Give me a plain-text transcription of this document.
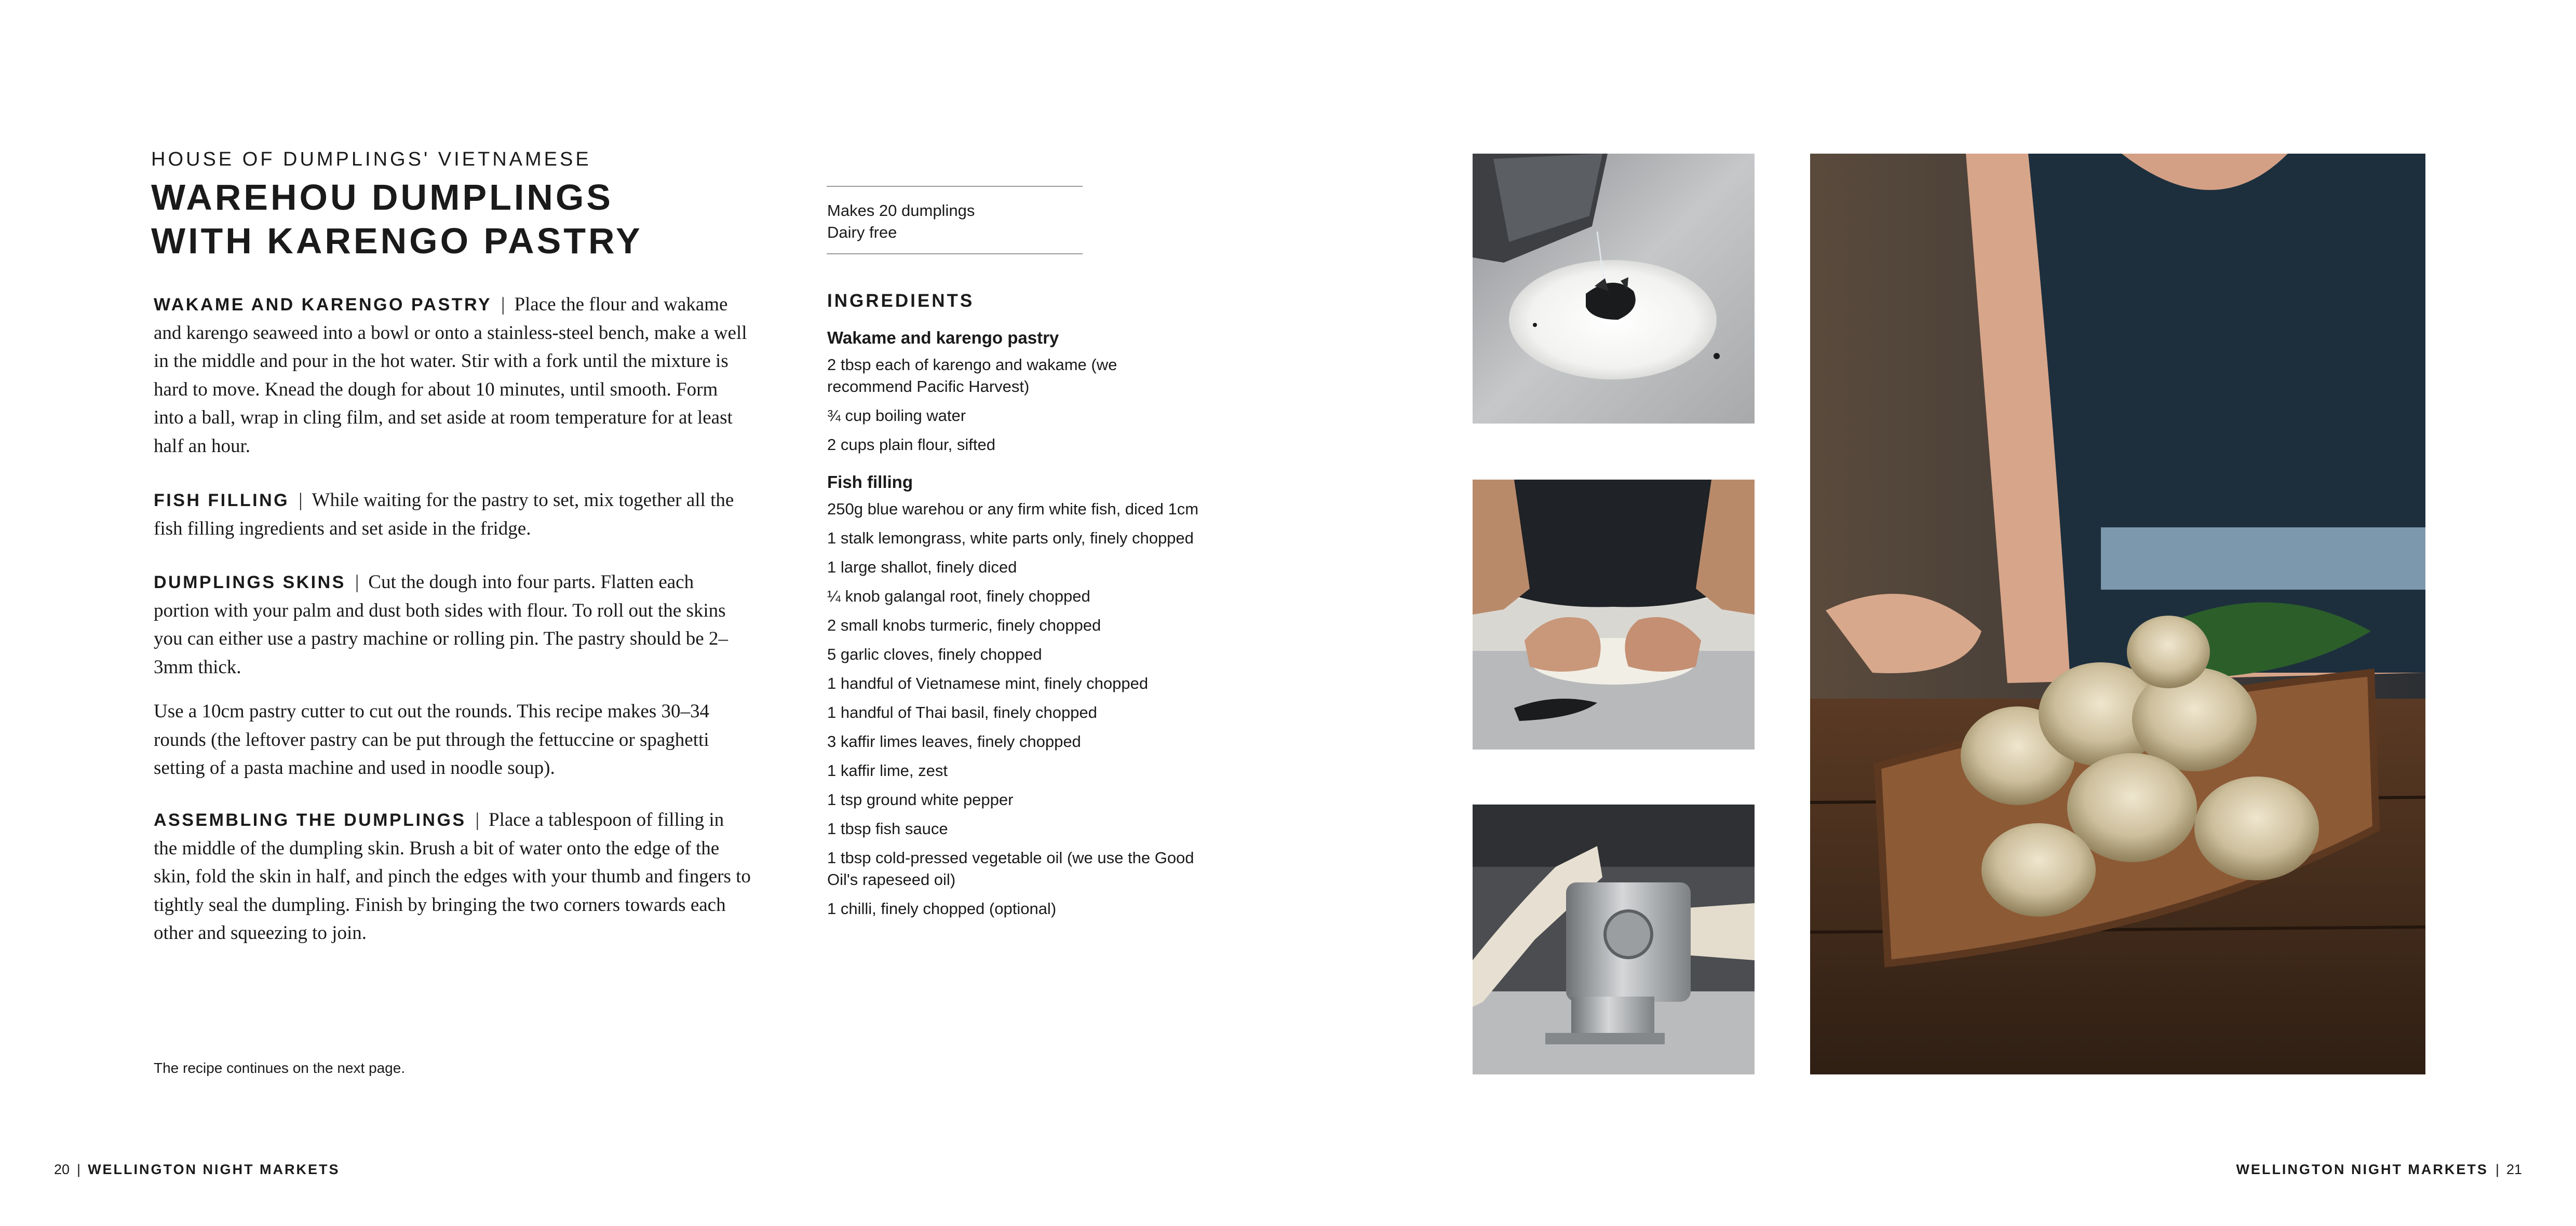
HOUSE OF DUMPLINGS' VIETNAMESE
WAREHOU DUMPLINGS
WITH KARENGO PASTRY

WAKAME AND KARENGO PASTRY | Place the flour and wakame and karengo seaweed into a bowl or onto a stainless-steel bench, make a well in the middle and pour in the hot water. Stir with a fork until the mixture is hard to move. Knead the dough for about 10 minutes, until smooth. Form into a ball, wrap in cling film, and set aside at room temperature for at least half an hour.

FISH FILLING | While waiting for the pastry to set, mix together all the fish filling ingredients and set aside in the fridge.

DUMPLINGS SKINS | Cut the dough into four parts. Flatten each portion with your palm and dust both sides with flour. To roll out the skins you can either use a pastry machine or rolling pin. The pastry should be 2–3mm thick.

Use a 10cm pastry cutter to cut out the rounds. This recipe makes 30–34 rounds (the leftover pastry can be put through the fettuccine or spaghetti setting of a pasta machine and used in noodle soup).

ASSEMBLING THE DUMPLINGS | Place a tablespoon of filling in the middle of the dumpling skin. Brush a bit of water onto the edge of the skin, fold the skin in half, and pinch the edges with your thumb and fingers to tightly seal the dumpling. Finish by bringing the two corners towards each other and squeezing to join.

The recipe continues on the next page.
Makes 20 dumplings
Dairy free
INGREDIENTS
Wakame and karengo pastry
2 tbsp each of karengo and wakame (we recommend Pacific Harvest)
¾ cup boiling water
2 cups plain flour, sifted
Fish filling
250g blue warehou or any firm white fish, diced 1cm
1 stalk lemongrass, white parts only, finely chopped
1 large shallot, finely diced
¼ knob galangal root, finely chopped
2 small knobs turmeric, finely chopped
5 garlic cloves, finely chopped
1 handful of Vietnamese mint, finely chopped
1 handful of Thai basil, finely chopped
3 kaffir limes leaves, finely chopped
1 kaffir lime, zest
1 tsp ground white pepper
1 tbsp fish sauce
1 tbsp cold-pressed vegetable oil (we use the Good Oil's rapeseed oil)
1 chilli, finely chopped (optional)
20 | WELLINGTON NIGHT MARKETS	WELLINGTON NIGHT MARKETS | 21
